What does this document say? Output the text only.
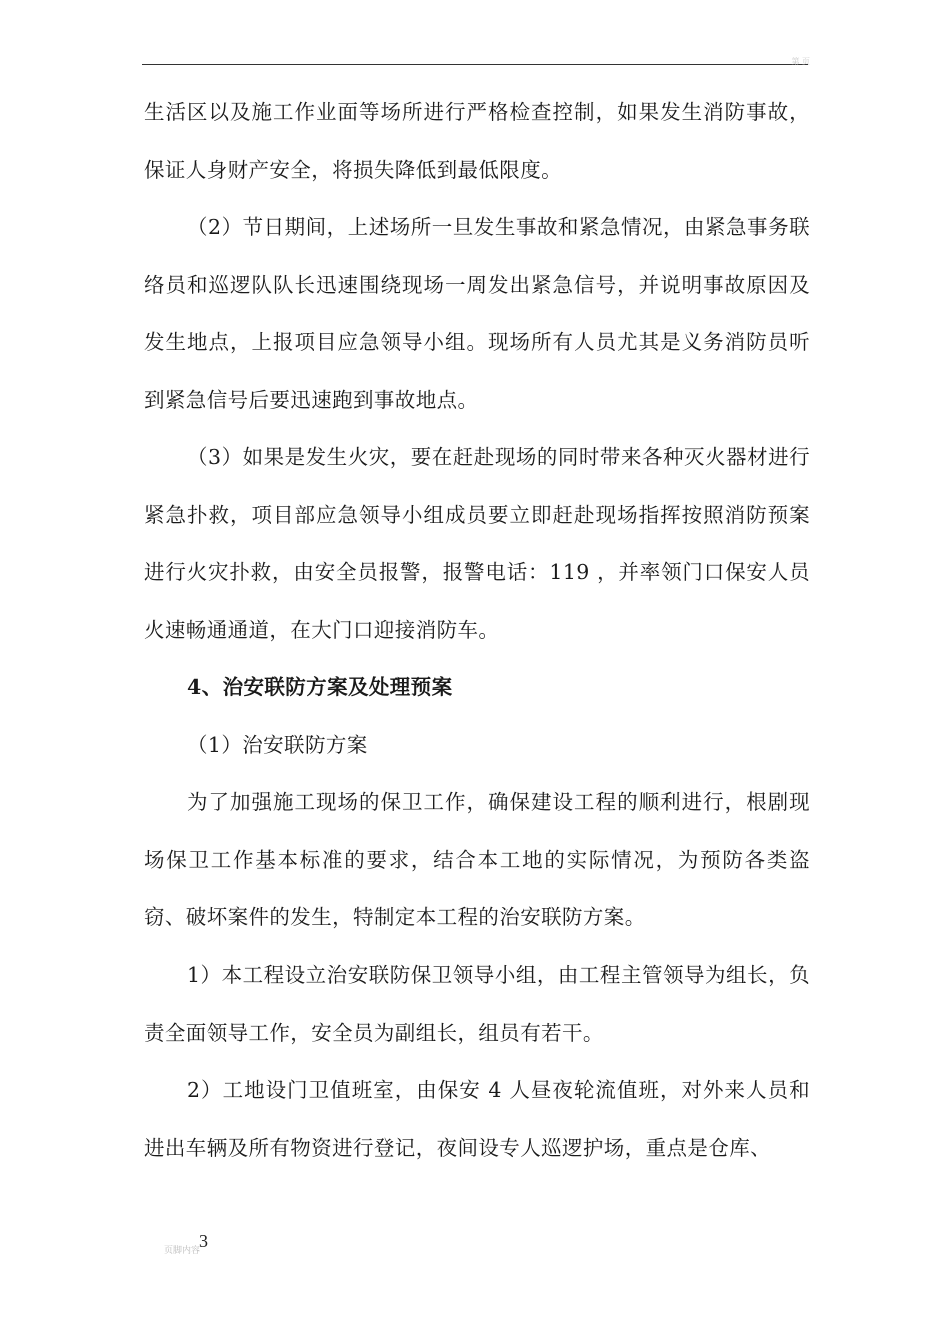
第 页

生活区以及施工作业面等场所进行严格检查控制，如果发生消防事故，保证人身财产安全，将损失降低到最低限度。

（2）节日期间，上述场所一旦发生事故和紧急情况，由紧急事务联络员和巡逻队队长迅速围绕现场一周发出紧急信号，并说明事故原因及发生地点，上报项目应急领导小组。现场所有人员尤其是义务消防员听到紧急信号后要迅速跑到事故地点。

（3）如果是发生火灾，要在赶赴现场的同时带来各种灭火器材进行紧急扑救，项目部应急领导小组成员要立即赶赴现场指挥按照消防预案进行火灾扑救，由安全员报警，报警电话：119 ，并率领门口保安人员火速畅通通道，在大门口迎接消防车。

4、治安联防方案及处理预案

（1）治安联防方案

为了加强施工现场的保卫工作，确保建设工程的顺利进行，根剧现场保卫工作基本标准的要求，结合本工地的实际情况，为预防各类盗窃、破坏案件的发生，特制定本工程的治安联防方案。

1）本工程设立治安联防保卫领导小组，由工程主管领导为组长，负责全面领导工作，安全员为副组长，组员有若干。

2）工地设门卫值班室，由保安 4 人昼夜轮流值班，对外来人员和进出车辆及所有物资进行登记，夜间设专人巡逻护场，重点是仓库、

页脚内容
3
